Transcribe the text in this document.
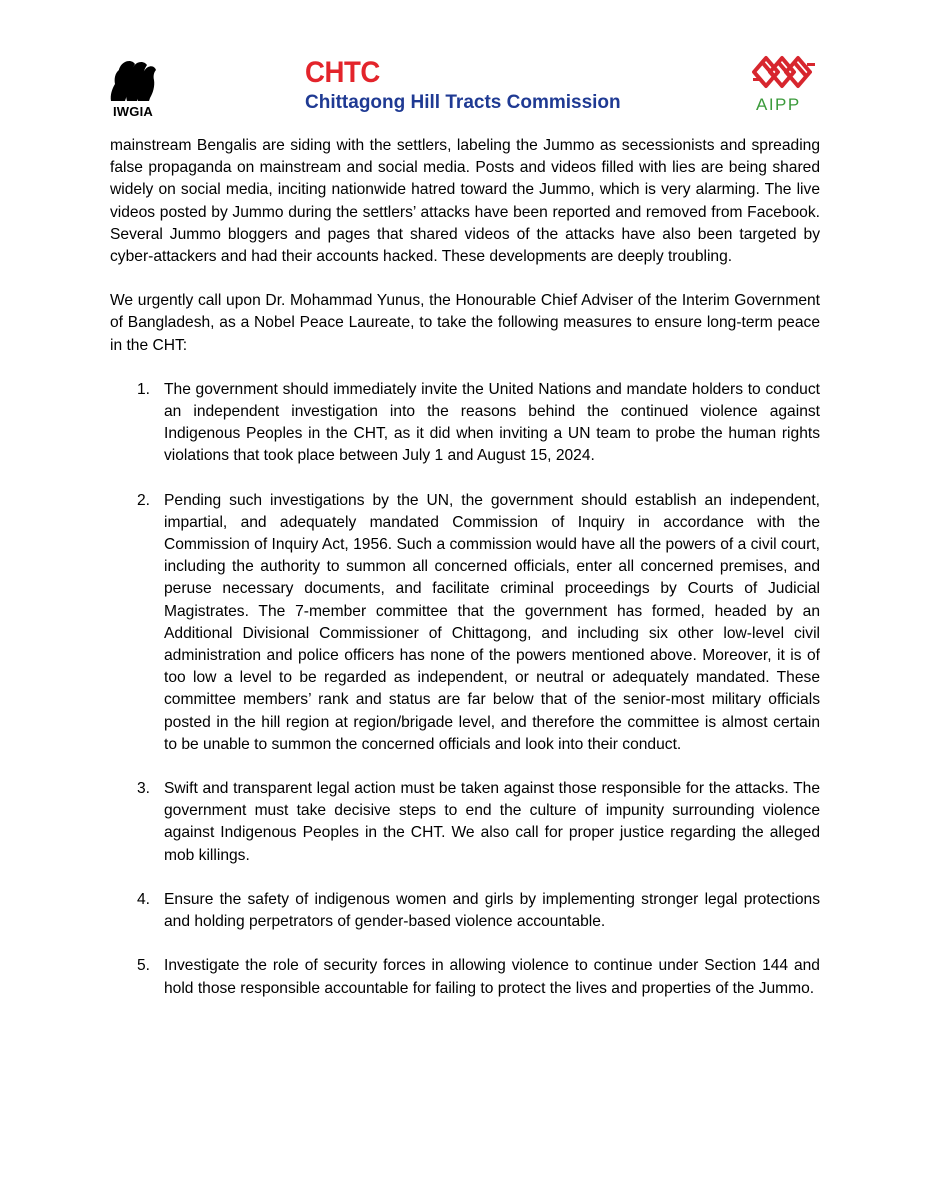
IWGIA
CHTC
Chittagong Hill Tracts Commission	AIPP

mainstream Bengalis are siding with the settlers, labeling the Jummo as secessionists and spreading false propaganda on mainstream and social media. Posts and videos filled with lies are being shared widely on social media, inciting nationwide hatred toward the Jummo, which is very alarming. The live videos posted by Jummo during the settlers’ attacks have been reported and removed from Facebook. Several Jummo bloggers and pages that shared videos of the attacks have also been targeted by cyber-attackers and had their accounts hacked. These developments are deeply troubling.

We urgently call upon Dr. Mohammad Yunus, the Honourable Chief Adviser of the Interim Government of Bangladesh, as a Nobel Peace Laureate, to take the following measures to ensure long-term peace in the CHT:

1. The government should immediately invite the United Nations and mandate holders to conduct an independent investigation into the reasons behind the continued violence against Indigenous Peoples in the CHT, as it did when inviting a UN team to probe the human rights violations that took place between July 1 and August 15, 2024.
2. Pending such investigations by the UN, the government should establish an independent, impartial, and adequately mandated Commission of Inquiry in accordance with the Commission of Inquiry Act, 1956. Such a commission would have all the powers of a civil court, including the authority to summon all concerned officials, enter all concerned premises, and peruse necessary documents, and facilitate criminal proceedings by Courts of Judicial Magistrates. The 7-member committee that the government has formed, headed by an Additional Divisional Commissioner of Chittagong, and including six other low-level civil administration and police officers has none of the powers mentioned above. Moreover, it is of too low a level to be regarded as independent, or neutral or adequately mandated. These committee members’ rank and status are far below that of the senior-most military officials posted in the hill region at region/brigade level, and therefore the committee is almost certain to be unable to summon the concerned officials and look into their conduct.
3. Swift and transparent legal action must be taken against those responsible for the attacks. The government must take decisive steps to end the culture of impunity surrounding violence against Indigenous Peoples in the CHT. We also call for proper justice regarding the alleged mob killings.
4. Ensure the safety of indigenous women and girls by implementing stronger legal protections and holding perpetrators of gender-based violence accountable.
5. Investigate the role of security forces in allowing violence to continue under Section 144 and hold those responsible accountable for failing to protect the lives and properties of the Jummo.
